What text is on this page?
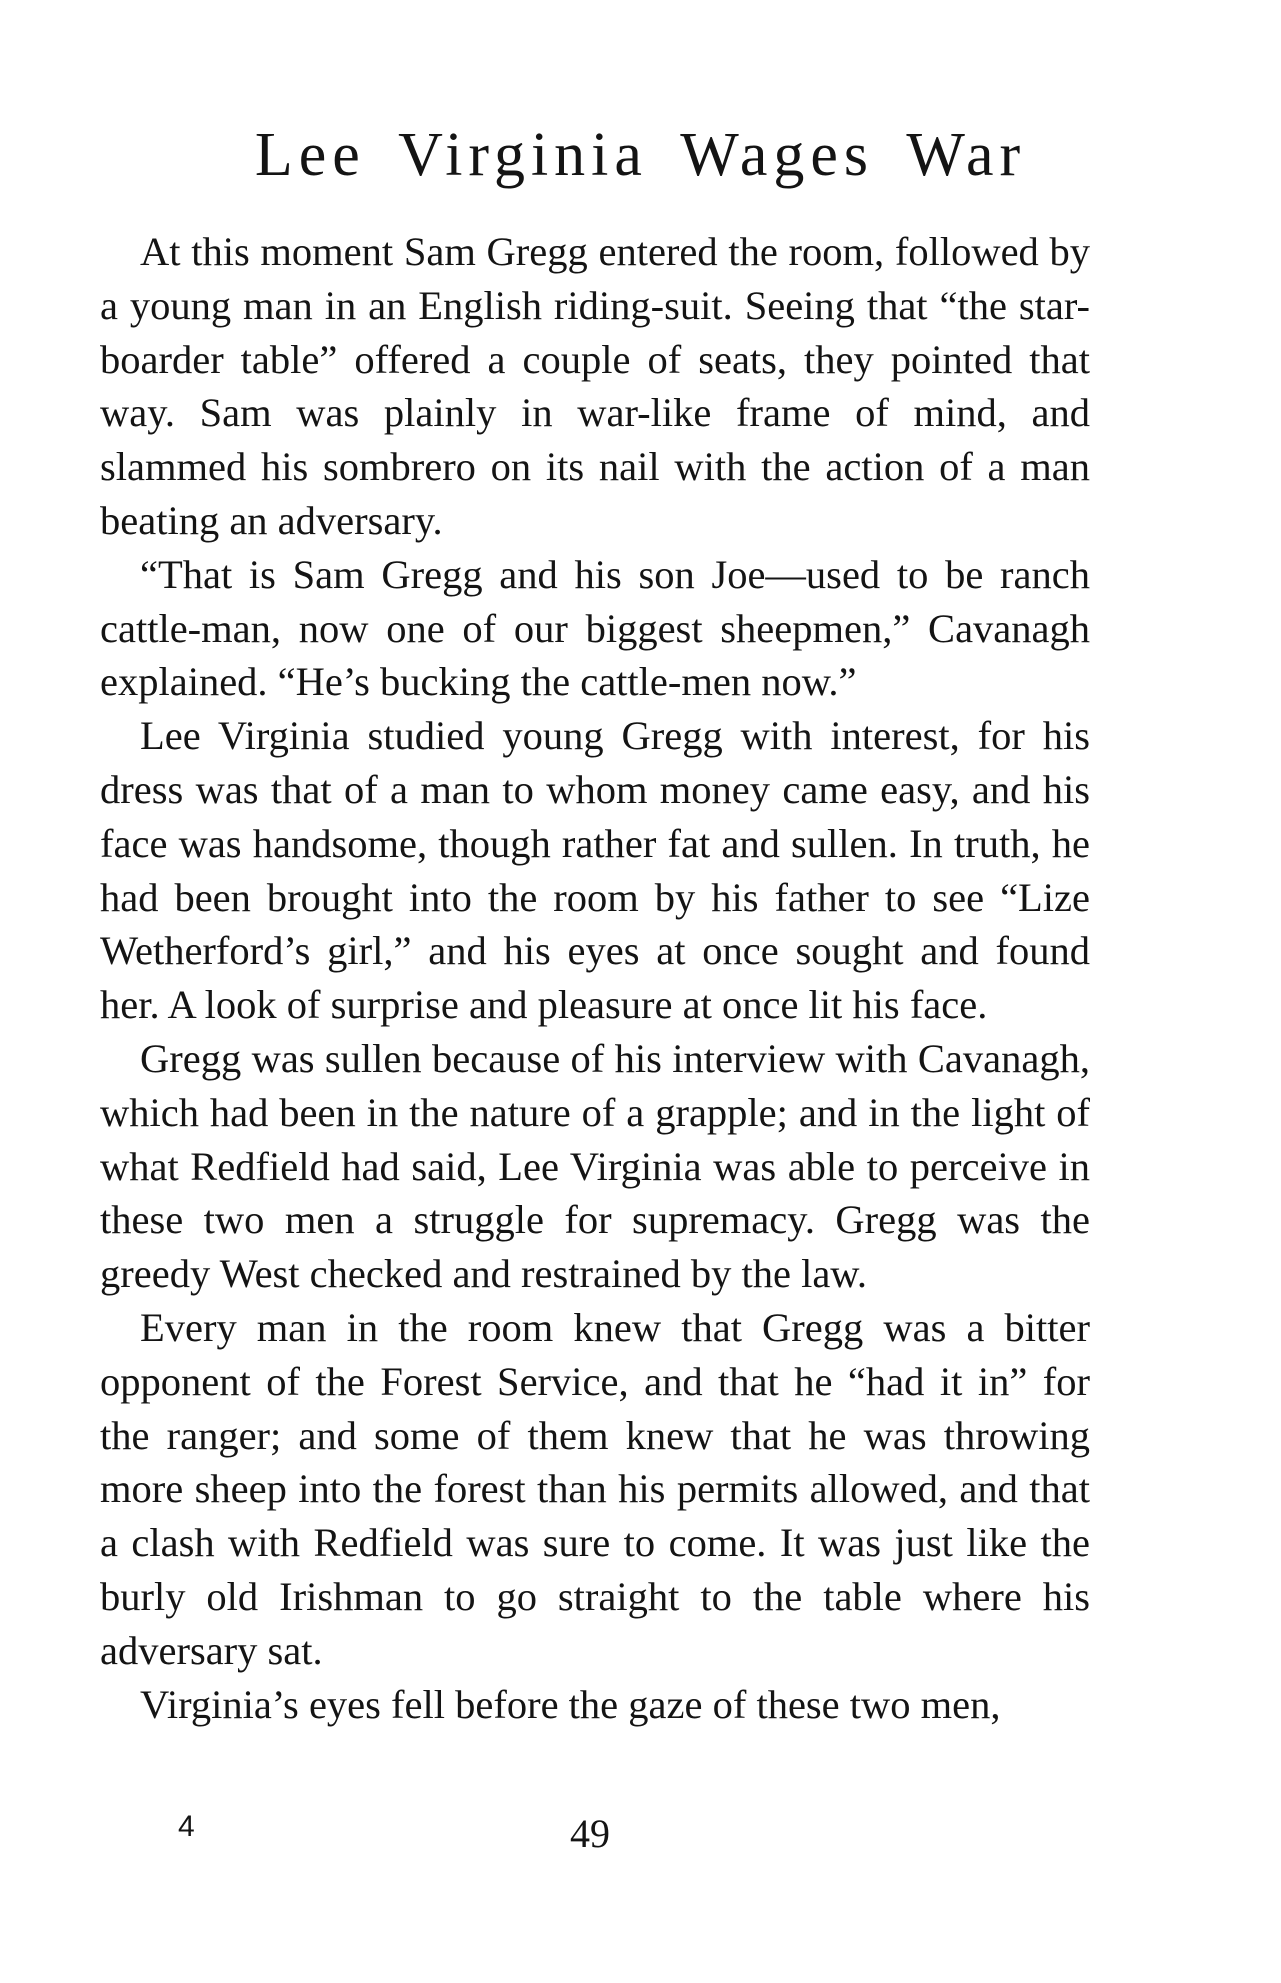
Lee Virginia Wages War

At this moment Sam Gregg entered the room, followed by a young man in an English riding-suit. Seeing that “the star-boarder table” offered a couple of seats, they pointed that way. Sam was plainly in war-like frame of mind, and slammed his sombrero on its nail with the action of a man beating an adversary.

“That is Sam Gregg and his son Joe—used to be ranch cattle-man, now one of our biggest sheepmen,” Cavanagh explained. “He’s bucking the cattle-men now.”

Lee Virginia studied young Gregg with interest, for his dress was that of a man to whom money came easy, and his face was handsome, though rather fat and sullen. In truth, he had been brought into the room by his father to see “Lize Wetherford’s girl,” and his eyes at once sought and found her. A look of surprise and pleasure at once lit his face.

Gregg was sullen because of his interview with Cavanagh, which had been in the nature of a grapple; and in the light of what Redfield had said, Lee Virginia was able to perceive in these two men a struggle for supremacy. Gregg was the greedy West checked and restrained by the law.

Every man in the room knew that Gregg was a bitter opponent of the Forest Service, and that he “had it in” for the ranger; and some of them knew that he was throwing more sheep into the forest than his permits allowed, and that a clash with Redfield was sure to come. It was just like the burly old Irishman to go straight to the table where his adversary sat.

Virginia’s eyes fell before the gaze of these two men,

4	49
